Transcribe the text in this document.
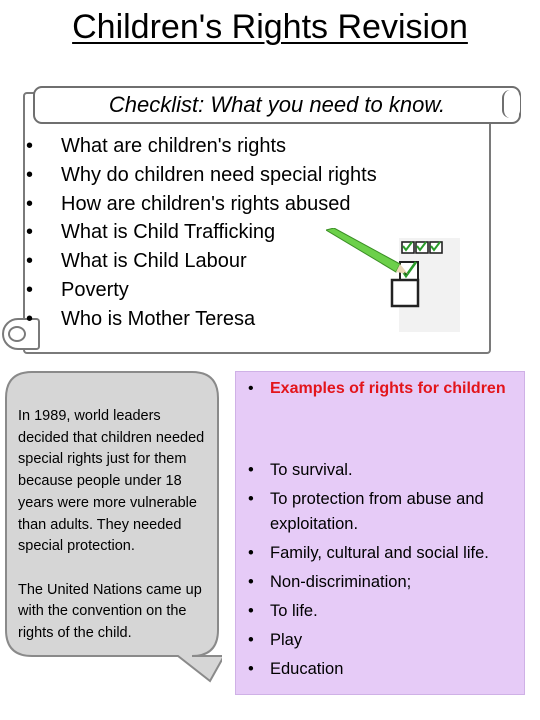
Children's Rights Revision
Checklist: What you need to know.
• What are children's rights
• Why do children need special rights
• How are children's rights abused
• What is Child Trafficking
• What is Child Labour
• Poverty
• Who is Mother Teresa

In 1989, world leaders decided that children needed special rights just for them because people under 18 years were more vulnerable than adults. They needed special protection.

The United Nations came up with the convention on the rights of the child.

•	Examples of rights for children
• To survival.
• To protection from abuse and exploitation.
• Family, cultural and social life.
• Non-discrimination;
• To life.
• Play
• Education
